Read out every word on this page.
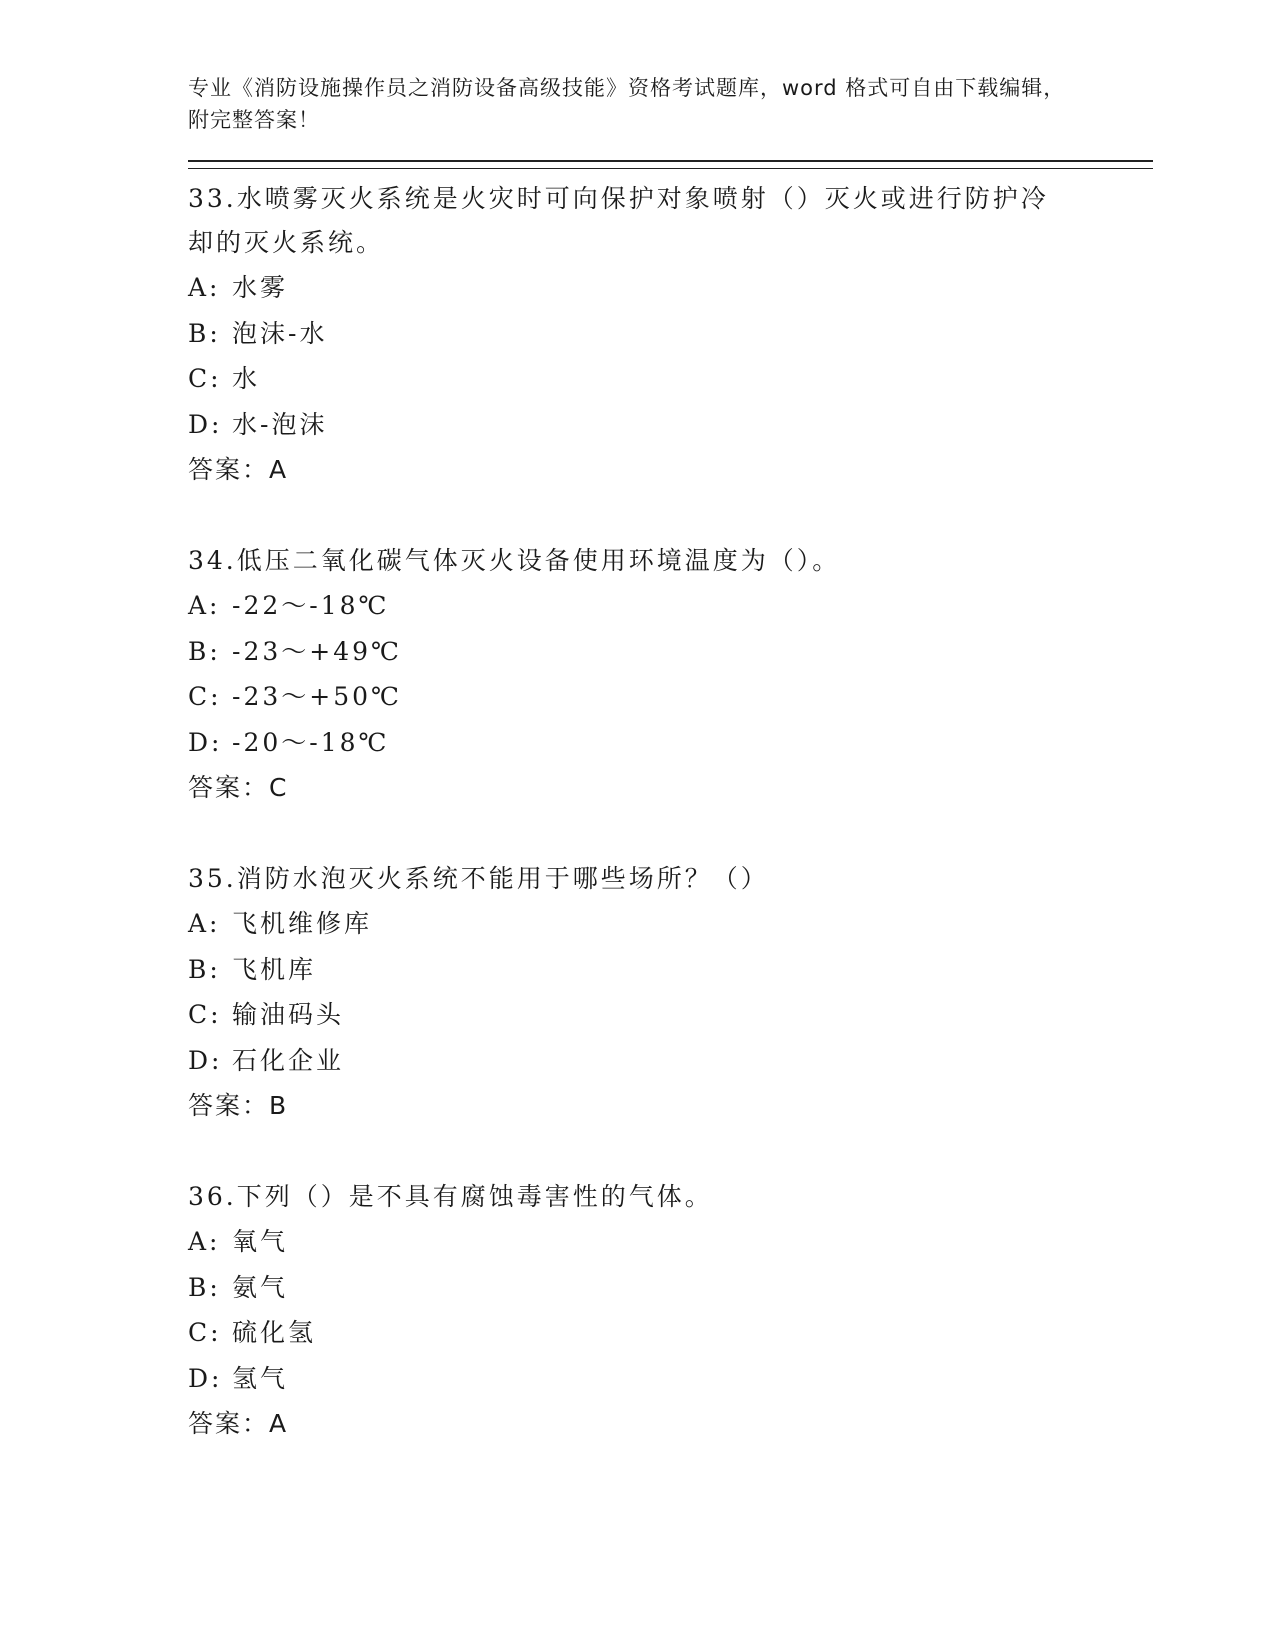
专业《消防设施操作员之消防设备高级技能》资格考试题库，word 格式可自由下载编辑，附完整答案！

33.水喷雾灭火系统是火灾时可向保护对象喷射（）灭火或进行防护冷却的灭火系统。

A: 水雾

B: 泡沫-水

C: 水

D: 水-泡沫

答案：A

34.低压二氧化碳气体灭火设备使用环境温度为（）。

A: -22～-18℃

B: -23～+49℃

C: -23～+50℃

D: -20～-18℃

答案：C

35.消防水泡灭火系统不能用于哪些场所？（）

A: 飞机维修库

B: 飞机库

C: 输油码头

D: 石化企业

答案：B

36.下列（）是不具有腐蚀毒害性的气体。

A: 氧气

B: 氨气

C: 硫化氢

D: 氢气

答案：A
